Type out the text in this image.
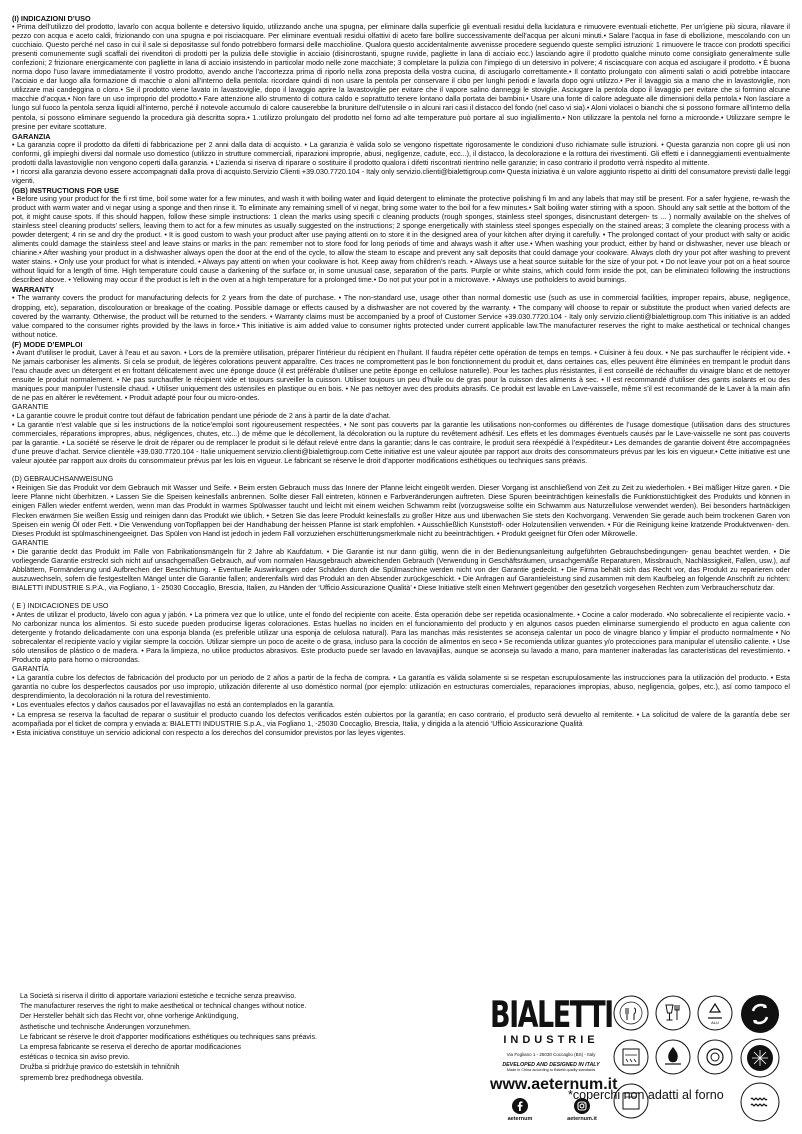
(I) INDICAZIONI D’USO

• Prima dell’utilizzo del prodotto, lavarlo con acqua bollente e detersivo liquido, utilizzando anche una spugna, per eliminare dalla superficie gli eventuali residui della lucidatura e rimuovere eventuali etichette. Per un’igiene più sicura, rilavare il pezzo con acqua e aceto caldi, frizionando con una spugna e poi risciacquare. Per eliminare eventuali residui olfattivi di aceto fare bollire successivamente dell’acqua per alcuni minuti.• Salare l’acqua in fase di ebollizione, mescolando con un cucchiaio. Questo perché nel caso in cui il sale si depositasse sul fondo potrebbero formarsi delle macchioline. Qualora questo accidentalmente avvenisse procedere seguendo queste semplici istruzioni: 1 rimuovere le tracce con prodotti specifici presenti comunemente sugli scaffali dei rivenditori di prodotti per la pulizia delle stoviglie in acciaio (disincrostanti, spugne ruvide, pagliette in lana di acciaio ecc.) lasciando agire il prodotto qualche minuto come consigliato generalmente sulle confezioni; 2 frizionare energicamente con pagliette in lana di acciaio insistendo in particolar modo nelle zone macchiate; 3 completare la pulizia con l’impiego di un detersivo in polvere; 4 risciacquare con acqua ed asciugare il prodotto. • È buona norma dopo l’uso lavare immediatamente il vostro prodotto, avendo anche l’accortezza prima di riporlo nella zona preposta della vostra cucina, di asciugarlo correttamente.• Il contatto prolungato con alimenti salati o acidi potrebbe intaccare l’acciaio e dar luogo alla formazione di macchie o aloni all’interno della pentola: ricordare quindi di non usare la pentola per conservare il cibo per lunghi periodi e lavarla dopo ogni utilizzo.• Per il lavaggio sia a mano che in lavastoviglie, non utilizzare mai candeggina o cloro.• Se il prodotto viene lavato in lavastoviglie, dopo il lavaggio aprire la lavastoviglie per evitare che il vapore salino danneggi le stoviglie. Asciugare la pentola dopo il lavaggio per evitare che si formino alcune macchie d’acqua.• Non fare un uso improprio del prodotto.• Fare attenzione allo strumento di cottura caldo e soprattutto tenere lontano dalla portata dei bambini.• Usare una fonte di calore adeguate alle dimensioni della pentola.• Non lasciare a lungo sul fuoco la pentola senza liquidi all’interno, perché il notevole accumulo di calore causerebbe la bruniture dell’utensile o in alcuni rari casi il distacco del fondo (nel caso vi sia).• Aloni violacei o bianchi che si possono formare all’interno della pentola, si possono eliminare seguendo la procedura già descritta sopra.• 1.:utilizzo prolungato del prodotto nel forno ad alte temperature può portare al suo ingiallimento.• Non utilizzare la pentola nel forno a microonde.• Utilizzare sempre le presine per evitare scottature.

GARANZIA

• La garanzia copre il prodotto da difetti di fabbricazione per 2 anni dalla data di acquisto. • La garanzia è valida solo se vengono rispettate rigorosamente le condizioni d’uso richiamate sulle istruzioni. • Questa garanzia non copre gli usi non conformi, gli impieghi diversi dal normale uso domestico (utilizzo in strutture commerciali, riparazioni improprie, abusi, negligenze, cadute, ecc...), il distacco, la decolorazione e la rottura dei rivestimenti. Gli effetti e i danneggiamenti eventualmente prodotti dalla lavastoviglie non vengono coperti dalla garanzia. • L’azienda si riserva di riparare o sostituire il prodotto qualora i difetti riscontrati rientrino nelle garanzie; in caso contrario il prodotto verrà rispedito al mittente.

• I ricorsi alla garanzia devono essere accompagnati dalla prova di acquisto.Servizio Clienti +39.030.7720.104 - Italy only servizio.clienti@bialettigroup.com• Questa iniziativa è un valore aggiunto rispetto ai diritti del consumatore previsti dalle leggi vigenti.

(GB) INSTRUCTIONS FOR USE

• Before using your product for the fi rst time, boil some water for a few minutes, and wash it with boiling water and liquid detergent to eliminate the protective polishing fi lm and any labels that may still be present. For a safer hygiene, re-wash the product with warm water and vi negar using a sponge and then rinse it. To eliminate any remaining smell of vi negar, bring some water to the boil for a few minutes.• Salt boiling water stirring with a spoon. Should any salt settle at the bottom of the pot, it might cause spots. If this should happen, follow these simple instructions: 1 clean the marks using specifi c cleaning products (rough sponges, stainless steel sponges, disincrustant detergen- ts ... ) normally available on the shelves of stainless steel cleaning products’ sellers, leaving them to act for a few minutes as usually suggested on the instructions; 2 sponge energetically with stainless steel sponges especially on the stained areas; 3 complete the cleaning process with a powder detergent; 4 rin se and dry the product. • It is good custom to wash your product after use paying attenti on to store it in the designed area of your kitchen after drying it carefully. • The prolonged contact of your product with salty or acidic aliments could damage the stainless steel and leave stains or marks in the pan: remember not to store food for long periods of time and always wash it after use.• When washing your product, either by hand or dishwasher, never use bleach or chiarine.• After washing your product in a dishwasher always open the door at the end of the cycle, to allow the steam to escape and prevent any salt deposits that could damage your cookware. Always cloth dry your pot after washing to prevent water stains. • Only use your product for what is intended. • Always pay attenti on when your cookware is hot. Keep away from children’s reach. • Always use a heat source suitable for the size of your pot. • Do not leave your pot on a heat source without liquid for a length of time. High temperature could cause a darkening of the surface or, in some unusual case, separation of the parts. Purple or white stains, which could form inside the pot, can be eliminateci following the instructions described above. • Yellowing may occur if the product is left in the oven at a high temperature for a prolonged time.• Do not put your pot in a microwave. • Always use potholders to avoid burnings.

WARRANTY

• The warranty covers the product for manufacturing defects for 2 years from the date of purchase. • The non-standard use, usage other than normal domestic use (such as use in commercial facilities, improper repairs, abuse, negligence, dropping, etc), separation, discolouration or breakage of the coating. Possible damage or effects caused by a dishwasher are not covered by the warranty. • The company will choose to repair or substitute the product when varied defects are covered by the warranty. Otherwise, the product will be returned to the senders. • Warranty claims must be accompanied by a proof of Customer Service +39.030.7720.104 - Italy only servizio.clienti@bialettigroup.com This initiative is an added value compared to the consumer rights provided by the laws in force.• This initiative is aim added value to consumer rights protected under current applicable law.The manufacturer reserves the right to make aesthetical or technical changes without notice.

(F) MODE D’EMPLOI

• Avant d’utiliser le produit, Laver à l’eau et au savon. • Lors de la première utilisation, préparer l’intérieur du récipient en l’huilant. Il faudra répéter cette opération de temps en temps. • Cuisiner à feu doux. • Ne pas surchauffer le récipient vide. • Ne jamais carboniser les aliments. Si cela se produit, de légères colorations peuvent apparaître. Ces traces ne compromettent pas le bon fonctionnement du produit et, dans certaines cas, elles peuvent être éliminées en trempant le produit dans l’eau chaude avec un détergent et en frottant délicatement avec une éponge douce (il est préférable d’utiliser une petite éponge en cellulose naturelle). Pour les taches plus résistantes, il est conseillé de réchauffer du vinaigre blanc et de nettoyer ensuite le produit normalement. • Ne pas surchauffer le récipient vide et toujours surveiller la cuisson. Utiliser toujours un peu d’huile ou de gras pour la cuisson des aliments à sec. • Il est recommandé d’utiliser des gants isolants et ou des maniques pour manipuler l’ustensile chaud. • Utiliser uniquement des ustensiles en plastique ou en bois. • Ne pas nettoyer avec des produits abrasifs. Ce produit est lavable en Lave-vaisselle, même s’il est recommandé de le Laver à la main afin de ne pas en altérer le revêtement. • Produit adapté pour four ou micro-ondes.

GARANTIE

• La garantie couvre le produit contre tout défaut de fabrication pendant une période de 2 ans à partir de la date d’achat.

• La garantie n’est valable que si les instructions de la notice’emploi sont rigoureusement respectées. • Ne sont pas couverts par la garantie les utilisations non-conformes ou différentes de l’usage domestique (utilisation dans des structures commerciales, réparations impropres, abus, négligences, chutes, etc...) de même que le décollement, la décoloration ou la rupture du revêtement adhésif. Les effets et les dommages éventuels causés par le Lave-vaisselle ne sont pas couverts par la garantie. • La société se réserve le droit de réparer ou de remplacer le produit si le défaut relevé entre dans la garantie; dans le cas contraire, le produit sera réexpédié à l’expéditeur.• Les demandes de garantie doivent être accompagnées d’une preuve d’achat. Service clientèle +39.030.7720.104 - Italie uniquement servizio.clienti@bialettigroup.com Cette initiative est une valeur ajoutée par rapport aux droits des consommateurs prévus par les lois en vigueur.• Cette initiative est une valeur ajoutée par rapport aux droits du consommateur prévus par les lois en vigueur. Le fabricant se réserve le droit d’apporter modifications esthétiques ou techniques sans préavis.

(D) GEBRAUCHSANWEISUNG

• Reinigen Sie das Produkt vor dem Gebrauch mit Wasser und Seife. • Beim ersten Gebrauch muss das Innere der Pfanne leicht eingeölt werden. Dieser Vorgang ist anschließend von Zeit zu Zeit zu wiederholen. • Bei mäßiger Hitze garen. • Die leere Pfanne nicht überhitzen. • Lassen Sie die Speisen keinesfalls anbrennen. Sollte dieser Fall eintreten, können e Farbveränderungen auftreten. Diese Spuren beeinträchtigen keinesfalls die Funktionstüchtigkeit des Produkts und können in einigen Fällen wieder entfernt werden, wenn man das Produkt in warmes Spülwasser taucht und leicht mit einem weichen Schwamm reibt (vorzugsweise sollte ein Schwamm aus Naturzellulose verwendet werden). Bei besonders hartnäckigen Flecken erwärmen Sie weißen Essig und reinigen dann das Produkt wie üblich. • Setzen Sie das leere Produkt keinesfalls zu großer Hitze aus und überwachen Sie stets den Kochvorgang. Verwenden Sie gerade auch beim trockenen Garen von Speisen ein wenig Öl oder Fett. • Die Verwendung vonTopflappen bei der Handhabung der heissen Pfanne ist stark empfohlen. • Ausschließlich Kunststoff- oder Holzutensilien verwenden. • Für die Reinigung keine kratzende Produktverwen- den. Dieses Produkt ist spülmaschinengeeignet. Das Spülen von Hand ist jedoch in jedem Fall vorzuziehen erschütterungsmerkmale nicht zu beeinträchtigen. • Produkt geeignet für Ofen oder Mikrowelle.

GARANTIE

• Die garantie deckt das Produkt im Falle von Fabrikationsmängeln für 2 Jahre ab Kaufdatum. • Die Garantie ist nur dann gültig, wenn die in der Bedienungsanleitung aufgeführten Gebrauchsbedingungen- genau beachtet werden. • Die vorliegende Garantie erstreckt sich nicht auf unsachgemäßen Gebrauch, auf vom normalen Hausgebrauch abweichenden Gebrauch (Verwendung in Geschäftsräumen, unsachgemäße Reparaturen, Missbrauch, Nachlässigkeit, Fallen, usw.), auf Abblättern, Formänderung und Aufbrechen der Beschichtung. • Eventuelle Auswirkungen oder Schäden durch die Spülmaschine werden nicht von der Garantie gedeckt. • Die Firma behält sich das Recht vor, das Produkt zu reparieren oder auszuwechseln, sofern die festgestellten Mängel unter die Garantie fallen; anderenfalls wird das Produkt an den Absender zurückgeschickt. • Die Anfragen auf Garantieleistung sind zusammen mit dem Kaufbeleg an folgende Anschrift zu richten: BIALETTI INDUSTRIE S.P.A., via Fogliano, 1 - 25030 Coccaglio, Brescia, Italien, zu Händen der ‘Ufficio Assicurazione Qualità’ • Diese Initiative stellt einen Mehrwert gegenüber den gesetzlich vorgesehen Rechten zum Verbraucherschutz dar.

( E ) INDICACIONES DE USO

• Antes de utilizar el producto, lávelo con agua y jabón. • La primera vez que lo utilice, unte el fondo del recipiente con aceite. Ésta operación debe ser repetida ocasionalmente. • Cocine a calor moderado. •No sobrecaliente el recipiente vacío. • No carbonizar nunca los alimentos. Si esto sucede pueden producirse ligeras coloraciones. Estas huellas no inciden en el funcionamiento del producto y en algunos casos pueden eliminarse sumergiendo el producto en agua caliente con detergente y frotando delicadamente con una esponja blanda (es preferible utilizar una esponja de celulosa natural). Para las manchas más resistentes se aconseja calentar un poco de vinagre blanco y limpiar el producto normalmente • No sobrecalentar el recipiente vacío y vigilar siempre la cocción. Utilizar siempre un poco de aceite o de grasa, incluso para la cocción de alimentos en seco • Se recomienda utilizar guantes y/o protecciones para manipular el utensilio caliente. • Use sólo utensilios de plástico o de madera. • Para la limpieza, no utilice productos abrasivos. Este producto puede ser lavado en lavavajillas, aunque se aconseja su lavado a mano, para mantener inalteradas las características del revestimiento. • Producto apto para horno o microondas.

GARANTÍA

• La garantía cubre los defectos de fabricación del producto por un periodo de 2 años a partir de la fecha de compra. • La garantía es válida solamente si se respetan escrupulosamente las instrucciones para la utilización del producto. • Esta garantía no cubre los desperfectos causados por uso impropio, utilización diferente al uso doméstico normal (por ejemplo: utilización en estructuras comerciales, reparaciones impropias, abuso, negligencia, golpes, etc.), así como tampoco el desprendimiento, la decoloración ni la rotura del revestimiento.

• Los eventuales efectos y daños causados por el lavavajillas no está an contemplados en la garantía.

• La empresa se reserva la facultad de reparar o sustituir el producto cuando los defectos verificados estén cubiertos por la garantía; en caso contrario, el producto será devuelto al remitente. • La solicitud de valere de la garantía debe ser acompañada por el ticket de compra y enviada a: BIALETTI INDUSTRIE S.p.A., via Fogliano 1, -25030 Coccaglio, Brescia, Italia, y dirigida a la atenció ‘Ufficio Assicurazione Qualità

• Esta iniciativa constituye un servicio adicional con respecto a los derechos del consumidor previstos por las leyes vigentes.

La Società si riserva il diritto di apportare variazioni estetiche e tecniche senza preavviso.

The manufacturer reserves the right to make aesthetical or technical changes without notice.

Der Hersteller behält sich das Recht vor, ohne vorherige Ankündigung,

ästhetische und technische Änderungen vorzunehmen.

Le fabricant se réserve le droit d’apporter modifications esthétiques ou techniques sans préavis.

La empresa fabricante se reserva el derecho de aportar modificaciones

estéticas o tecnica sin aviso previo.

Družba si pridržuje pravico do estetskih in tehničnih

sprememb brez predhodnega obvestila.

BIALETTI
INDUSTRIE
Via Fogliano 1 - 25030 Coccaglio (BS) - Italy
DEVELOPED AND DESIGNED IN ITALY
Made in China according to Bialetti quality standards
www.aeternum.it
aeternum	aeternum.it
ALU
*coperchi non adatti al forno
